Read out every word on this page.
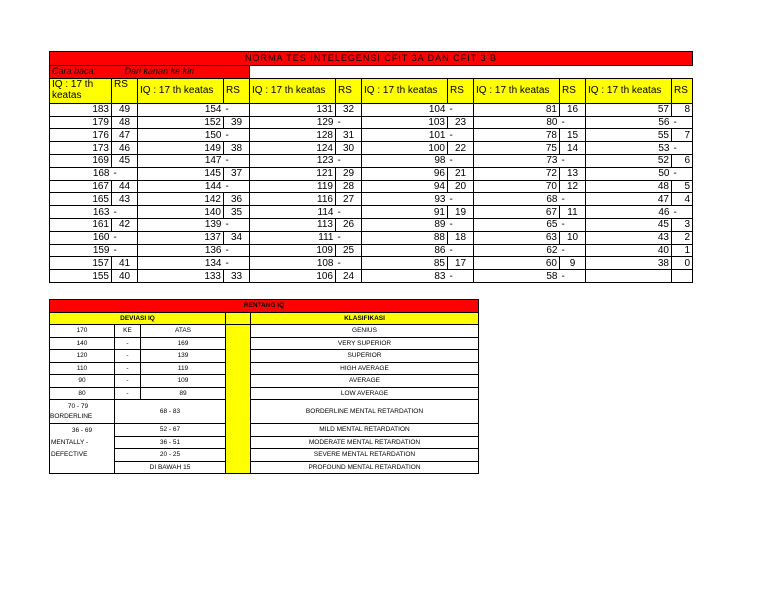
NORMA TES INTELEGENSI CFIT 3A DAN CFIT 3 B											
Cara baca: Dari kanan ke kiri											
IQ : 17 th keatas	RS	IQ : 17 th keatas	RS	IQ : 17 th keatas	RS	IQ : 17 th keatas	RS	IQ : 17 th keatas	RS	IQ : 17 th keatas	RS
183	49	154	-	131	32	104	-	81	16	57	8
179	48	152	39	129	-	103	23	80	-	56	-
176	47	150	-	128	31	101	-	78	15	55	7
173	46	149	38	124	30	100	22	75	14	53	-
169	45	147	-	123	-	98	-	73	-	52	6
168	-	145	37	121	29	96	21	72	13	50	-
167	44	144	-	119	28	94	20	70	12	48	5
165	43	142	36	116	27	93	-	68	-	47	4
163	-	140	35	114	-	91	19	67	11	46	-
161	42	139	-	113	26	89	-	65	-	45	3
160	-	137	34	111	-	88	18	63	10	43	2
159	-	136	-	109	25	86	-	62	-	40	1
157	41	134	-	108	-	85	17	60	9	38	0
155	40	133	33	106	24	83	-	58	-		
RENTANG IQ				
DEVIASI IQ				KLASIFIKASI
170	KE	ATAS		GENIUS
140	-	169		VERY SUPERIOR
120	-	139		SUPERIOR
110	-	119		HIGH AVERAGE
90	-	109		AVERAGE
80	-	89		LOW AVERAGE

70 - 79
BORDERLINE	68 - 83			BORDERLINE MENTAL RETARDATION
36 - 69	52 - 67			MILD MENTAL RETARDATION
MENTALLY -	36 - 51			MODERATE MENTAL RETARDATION
DEFECTIVE	20 - 25			SEVERE MENTAL RETARDATION
	DI BAWAH 15			PROFOUND MENTAL RETARDATION
